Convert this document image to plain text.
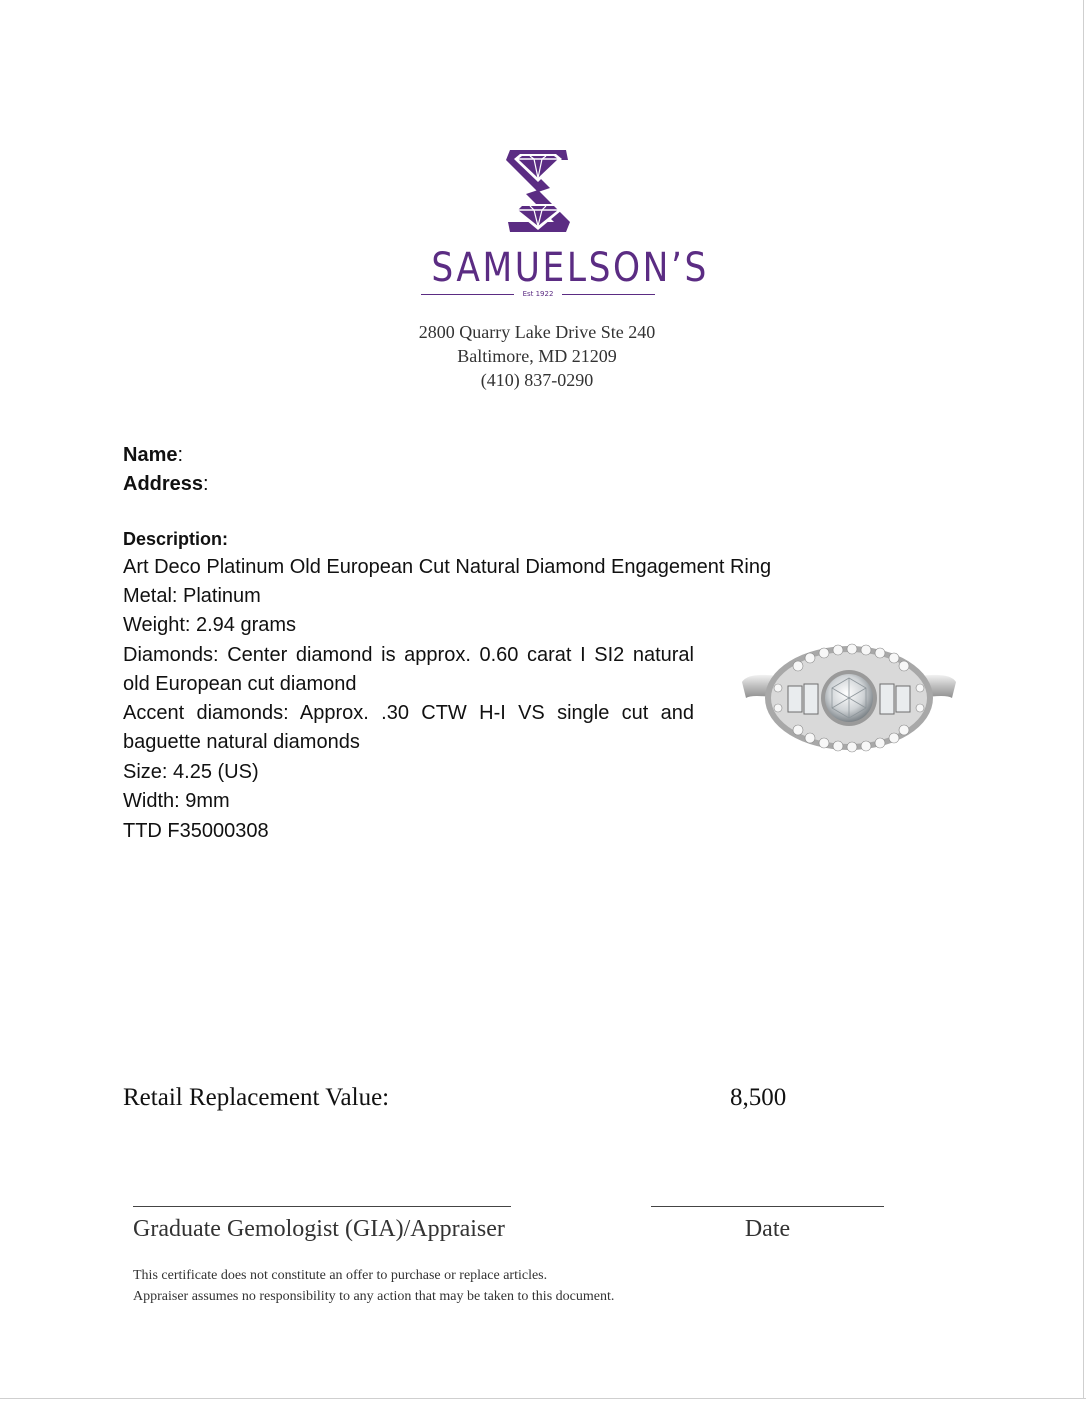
SAMUELSON’S
Est 1922
2800 Quarry Lake Drive Ste 240
Baltimore, MD 21209
(410) 837-0290
Name:
Address:
Description:
Art Deco Platinum Old European Cut Natural Diamond Engagement Ring
Metal: Platinum
Weight: 2.94 grams
Diamonds: Center diamond is approx. 0.60 carat I SI2 natural old European cut diamond
Accent diamonds: Approx. .30 CTW H-I VS single cut and baguette natural diamonds
Size: 4.25 (US)
Width: 9mm
TTD F35000308
Retail Replacement Value:	8,500
Graduate Gemologist (GIA)/Appraiser	Date
This certificate does not constitute an offer to purchase or replace articles.
Appraiser assumes no responsibility to any action that may be taken to this document.
